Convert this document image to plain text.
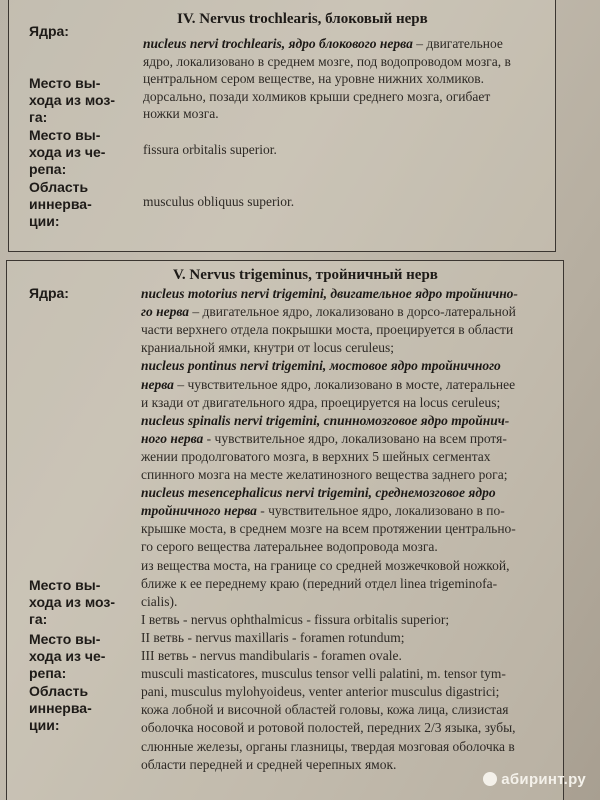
IV. Nervus trochlearis, блоковый нерв
Ядра:
Место вы-
хода из моз-
га:
Место вы-
хода из че-
репа:
Область
иннерва-
ции:
nucleus nervi trochlearis, ядро блокового нерва – двигательное
ядро, локализовано в среднем мозге, под водопроводом мозга, в
центральном сером веществе, на уровне нижних холмиков.
дорсально, позади холмиков крыши среднего мозга, огибает
ножки мозга.
fissura orbitalis superior.
musculus obliquus superior.
V. Nervus trigeminus, тройничный нерв
Ядра:
Место вы-
хода из моз-
га:
Место вы-
хода из че-
репа:
Область
иннерва-
ции:
nucleus motorius nervi trigemini, двигательное ядро тройнично-
го нерва – двигательное ядро, локализовано в дорсо-латеральной
части верхнего отдела покрышки моста, проецируется в области
краниальной ямки, кнутри от locus ceruleus;
nucleus pontinus nervi trigemini, мостовое ядро тройничного
нерва – чувствительное ядро, локализовано в мосте, латеральнее
и кзади от двигательного ядра, проецируется на locus ceruleus;
nucleus spinalis nervi trigemini, спинномозговое ядро тройнич-
ного нерва - чувствительное ядро, локализовано на всем протя-
жении продолговатого мозга, в верхних 5 шейных сегментах
спинного мозга на месте желатинозного вещества заднего рога;
nucleus mesencephalicus nervi trigemini, среднемозговое ядро
тройничного нерва - чувствительное ядро, локализовано в по-
крышке моста, в среднем мозге на всем протяжении центрально-
го серого вещества латеральнее водопровода мозга.
из вещества моста, на границе со средней мозжечковой ножкой,
ближе к ее переднему краю (передний отдел linea trigeminofa-
cialis).
I ветвь - nervus ophthalmicus - fissura orbitalis superior;
II ветвь - nervus maxillaris - foramen rotundum;
III ветвь - nervus mandibularis - foramen ovale.
musculi masticatores, musculus tensor velli palatini, m. tensor tym-
pani, musculus mylohyoideus, venter anterior musculus digastrici;
кожа лобной и височной областей головы, кожа лица, слизистая
оболочка носовой и ротовой полостей, передних 2/3 языка, зубы,
слюнные железы, органы глазницы, твердая мозговая оболочка в
области передней и средней черепных ямок.
абиринт.ру
